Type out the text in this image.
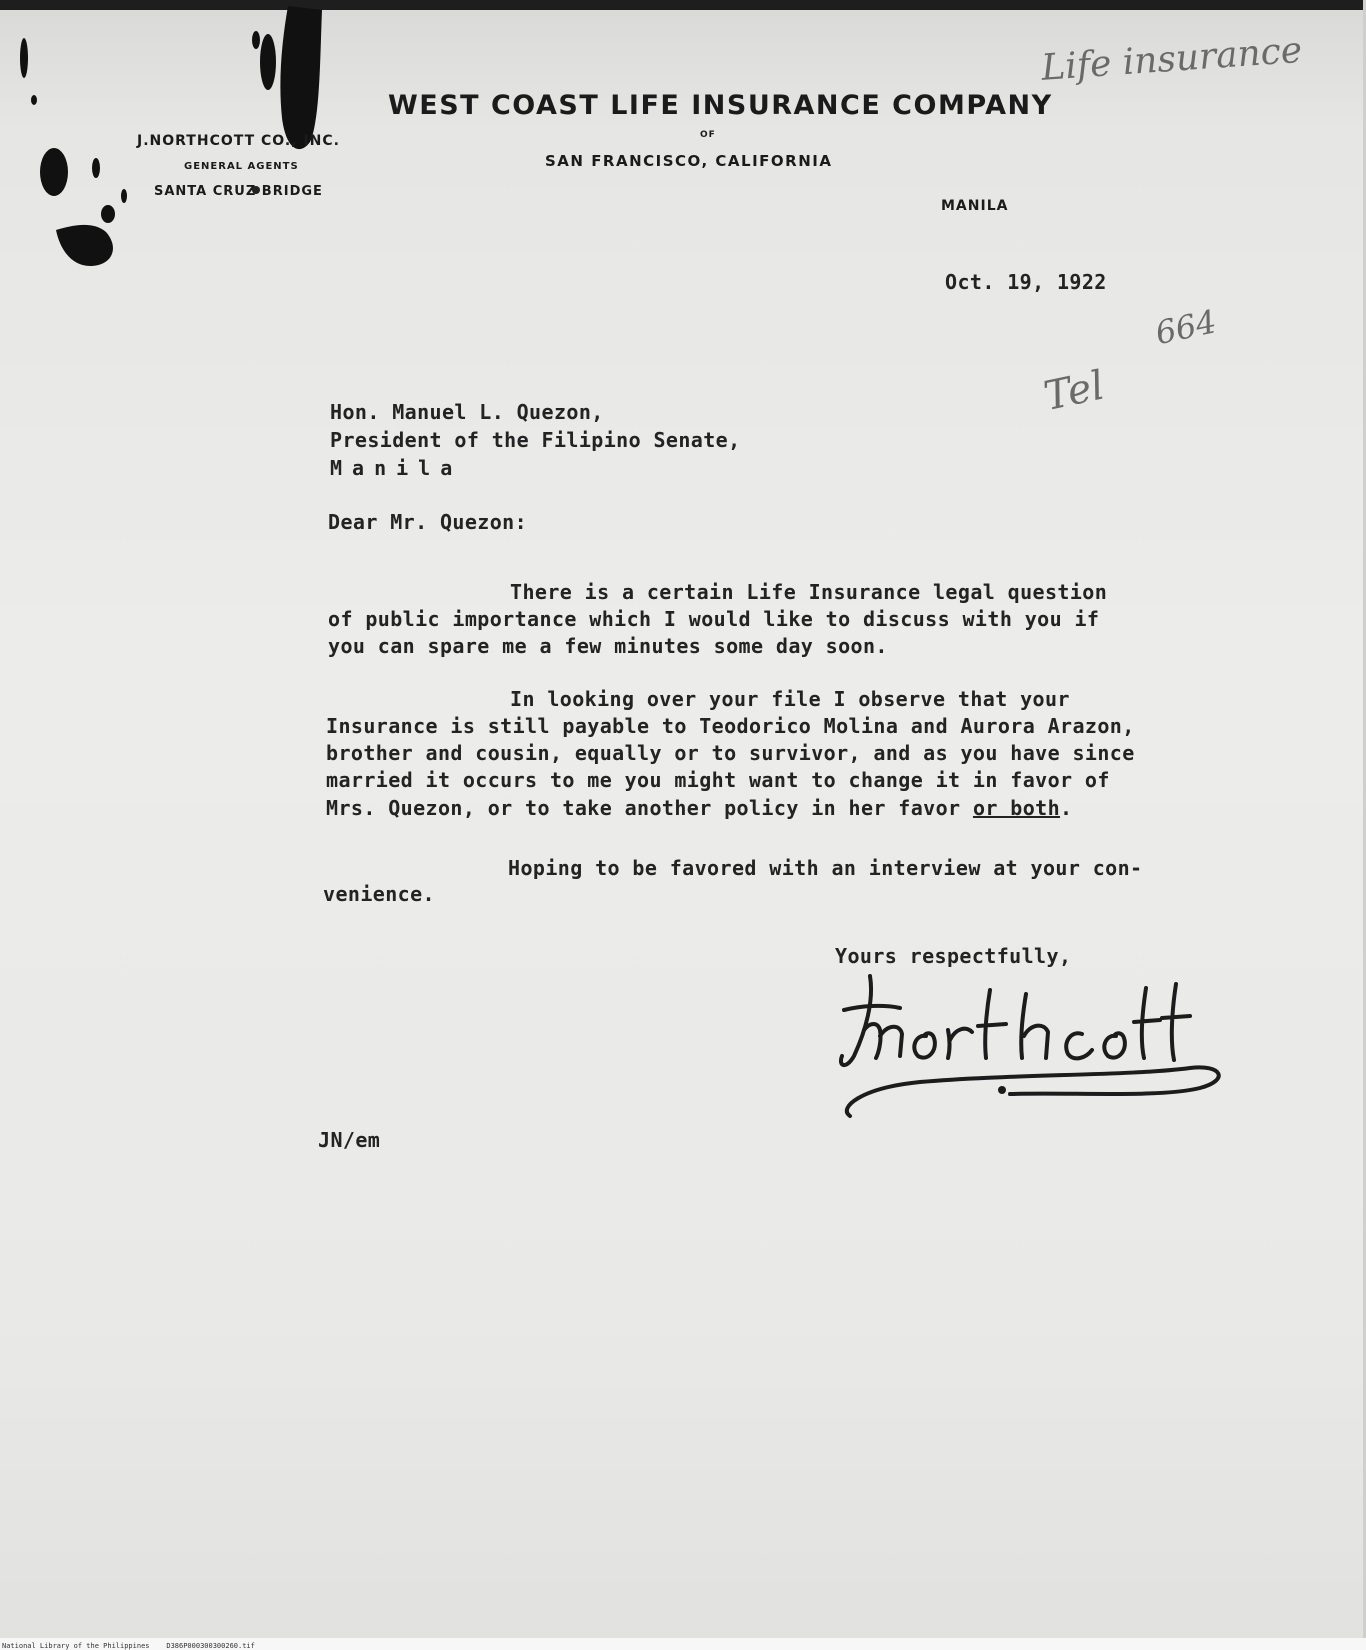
J.NORTHCOTT CO., INC.
GENERAL AGENTS
SANTA CRUZ BRIDGE
WEST COAST LIFE INSURANCE COMPANY
OF
SAN FRANCISCO, CALIFORNIA
MANILA
Life insurance
664
Tel
Oct. 19, 1922
Hon. Manuel L. Quezon,
President of the Filipino Senate,
Manila
Dear Mr. Quezon:
There is a certain Life Insurance legal question
of public importance which I would like to discuss with you if
you can spare me a few minutes some day soon.
In looking over your file I observe that your
Insurance is still payable to Teodorico Molina and Aurora Arazon,
brother and cousin, equally or to survivor, and as you have since
married it occurs to me you might want to change it in favor of
Mrs. Quezon, or to take another policy in her favor or both.
Hoping to be favored with an interview at your con-
venience.
Yours respectfully,
JN/em
National Library of the Philippines    D386P000300300260.tif
